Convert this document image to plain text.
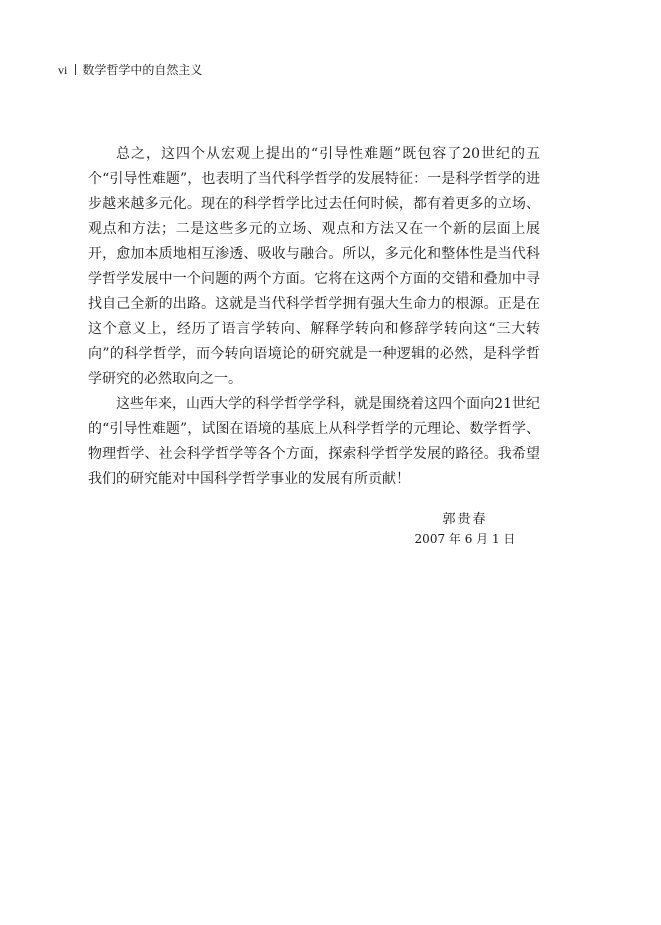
vi 数学哲学中的自然主义

总之，这四个从宏观上提出的“引导性难题”既包容了20世纪的五个“引导性难题”，也表明了当代科学哲学的发展特征：一是科学哲学的进步越来越多元化。现在的科学哲学比过去任何时候，都有着更多的立场、观点和方法；二是这些多元的立场、观点和方法又在一个新的层面上展开，愈加本质地相互渗透、吸收与融合。所以，多元化和整体性是当代科学哲学发展中一个问题的两个方面。它将在这两个方面的交错和叠加中寻找自己全新的出路。这就是当代科学哲学拥有强大生命力的根源。正是在这个意义上，经历了语言学转向、解释学转向和修辞学转向这“三大转向”的科学哲学，而今转向语境论的研究就是一种逻辑的必然，是科学哲学研究的必然取向之一。

这些年来，山西大学的科学哲学学科，就是围绕着这四个面向21世纪的“引导性难题”，试图在语境的基底上从科学哲学的元理论、数学哲学、物理哲学、社会科学哲学等各个方面，探索科学哲学发展的路径。我希望我们的研究能对中国科学哲学事业的发展有所贡献！

郭贵春
2007 年 6 月 1 日
